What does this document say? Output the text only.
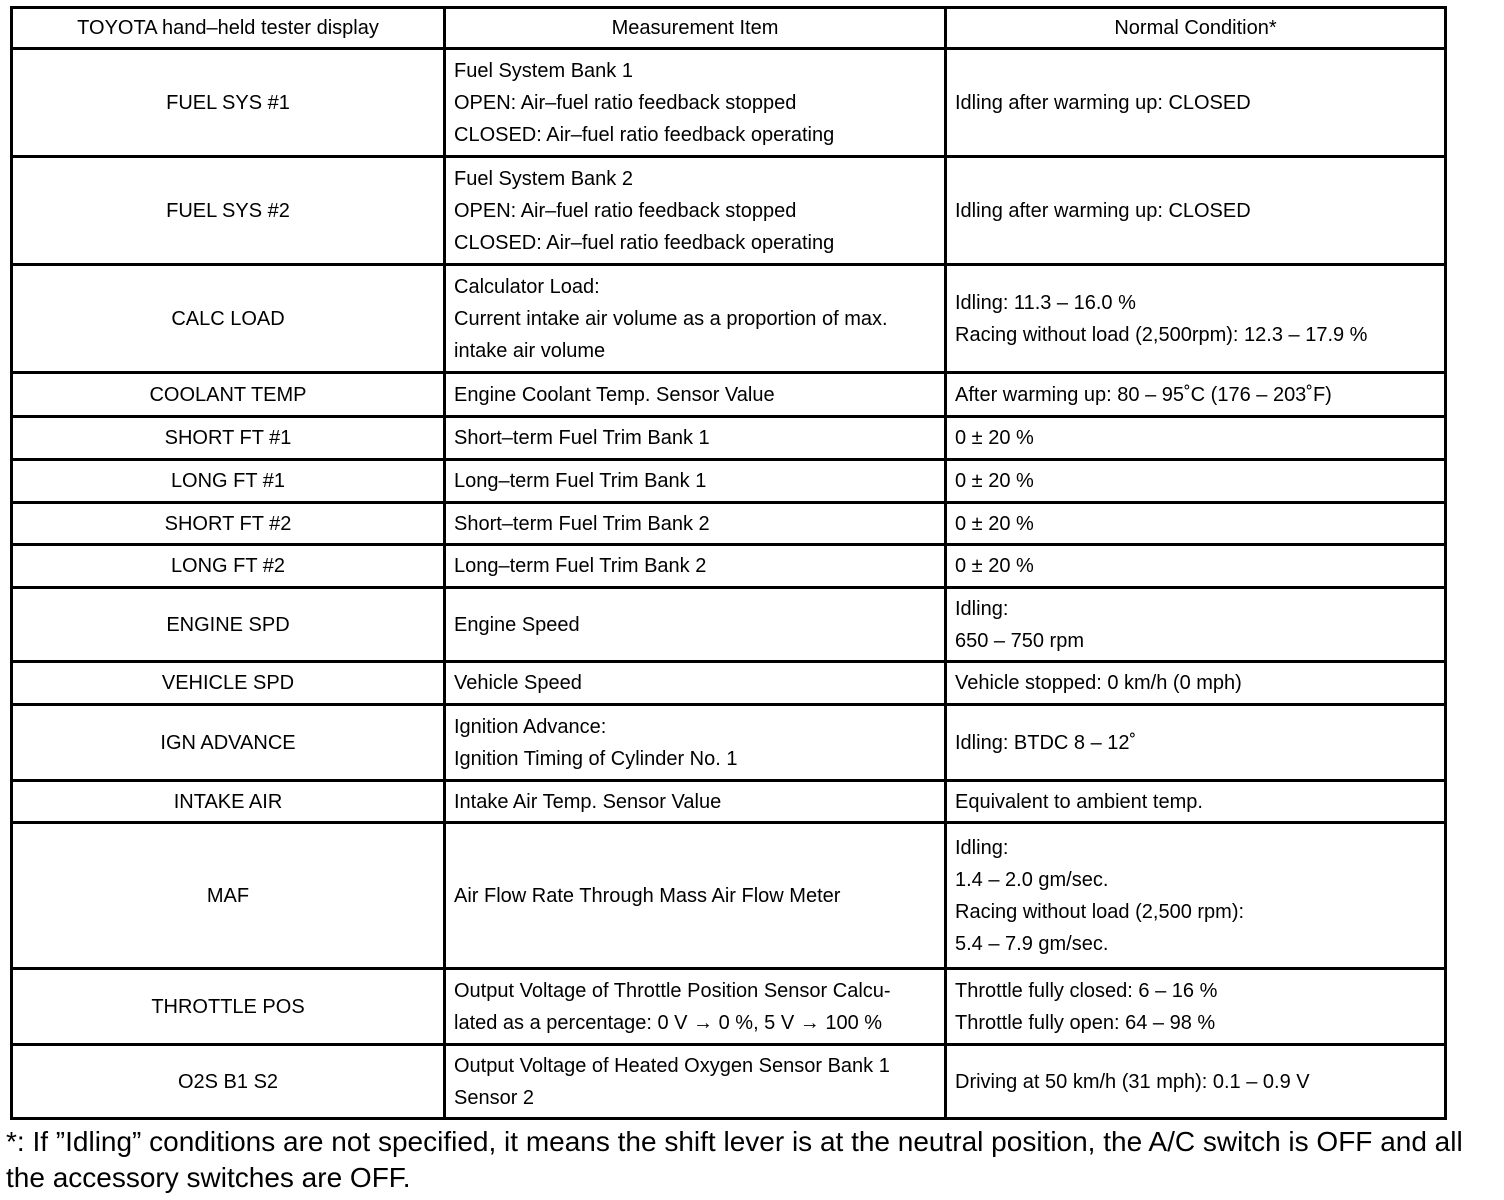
TOYOTA hand–held tester display	Measurement Item	Normal Condition*
FUEL SYS #1	Fuel System Bank 1
OPEN: Air–fuel ratio feedback stopped
CLOSED: Air–fuel ratio feedback operating	Idling after warming up: CLOSED

FUEL SYS #2	Fuel System Bank 2
OPEN: Air–fuel ratio feedback stopped
CLOSED: Air–fuel ratio feedback operating	Idling after warming up: CLOSED

CALC LOAD	Calculator Load:
Current intake air volume as a proportion of max.
intake air volume	Idling: 11.3 – 16.0 %
Racing without load (2,500rpm): 12.3 – 17.9 %

COOLANT TEMP	Engine Coolant Temp. Sensor Value	After warming up: 80 – 95˚C (176 – 203˚F)

SHORT FT #1	Short–term Fuel Trim Bank 1	0 ± 20 %

LONG FT #1	Long–term Fuel Trim Bank 1	0 ± 20 %

SHORT FT #2	Short–term Fuel Trim Bank 2	0 ± 20 %

LONG FT #2	Long–term Fuel Trim Bank 2	0 ± 20 %

ENGINE SPD	Engine Speed	Idling:
650 – 750 rpm

VEHICLE SPD	Vehicle Speed	Vehicle stopped: 0 km/h (0 mph)

IGN ADVANCE	Ignition Advance:
Ignition Timing of Cylinder No. 1	Idling: BTDC 8 – 12˚

INTAKE AIR	Intake Air Temp. Sensor Value	Equivalent to ambient temp.

MAF	Air Flow Rate Through Mass Air Flow Meter	Idling:
1.4 – 2.0 gm/sec.
Racing without load (2,500 rpm):
5.4 – 7.9 gm/sec.

THROTTLE POS	Output Voltage of Throttle Position Sensor Calcu-
lated as a percentage: 0 V → 0 %, 5 V → 100 %	Throttle fully closed: 6 – 16 %
Throttle fully open: 64 – 98 %

O2S B1 S2	Output Voltage of Heated Oxygen Sensor Bank 1
Sensor 2	Driving at 50 km/h (31 mph): 0.1 – 0.9 V
*: If ”Idling” conditions are not specified, it means the shift lever is at the neutral position, the A/C switch is OFF and all the accessory switches are OFF.
